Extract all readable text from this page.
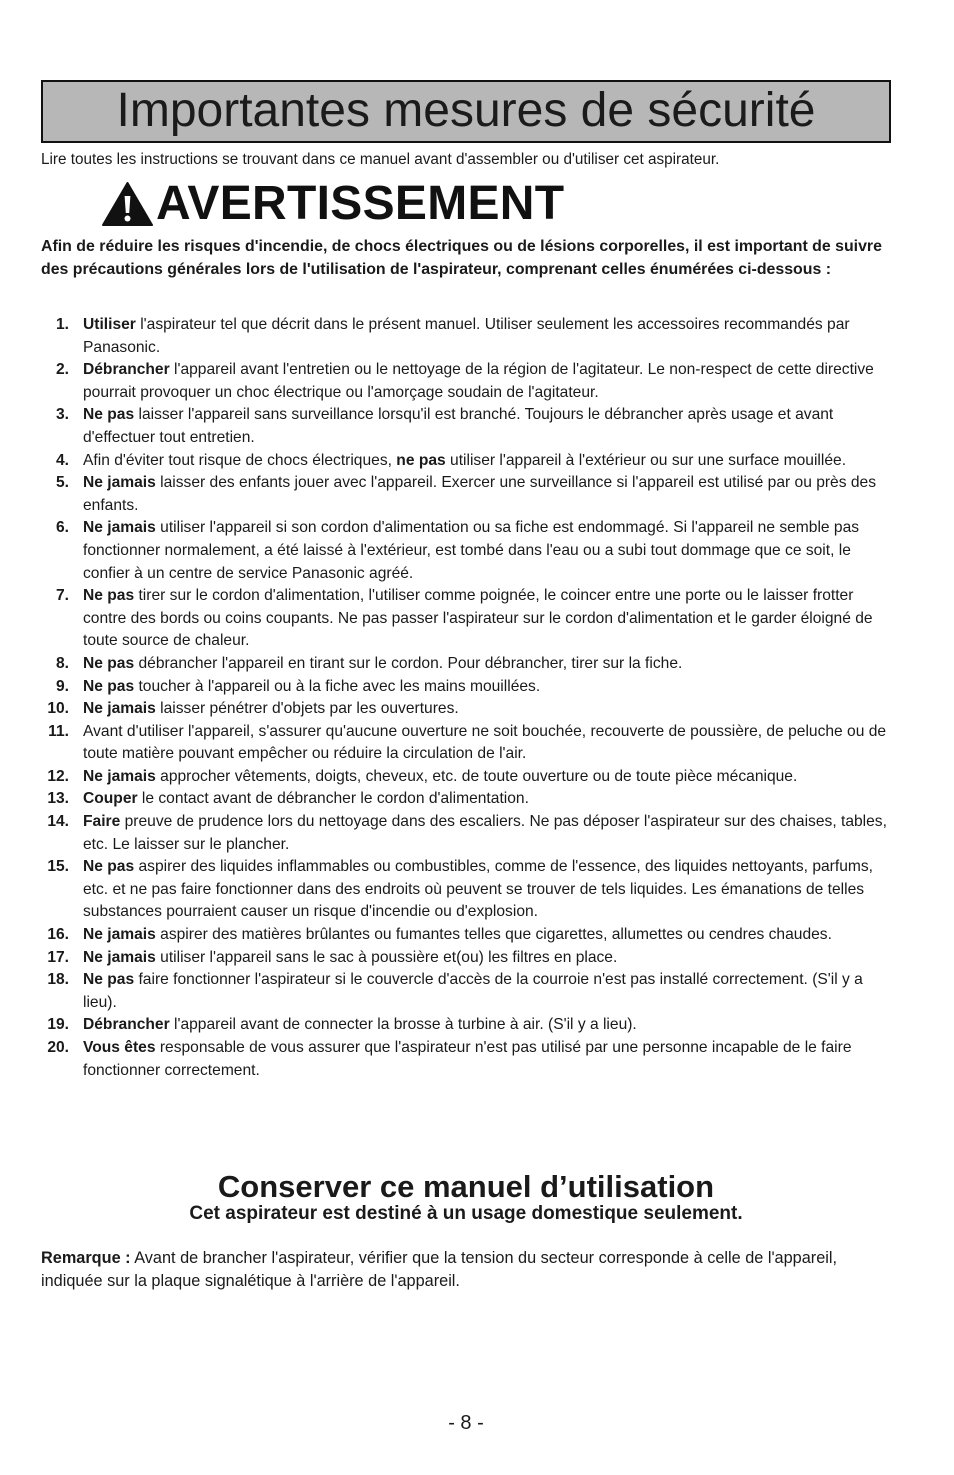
Importantes mesures de sécurité
Lire toutes les instructions se trouvant dans ce manuel avant d'assembler ou d'utiliser cet aspirateur.
AVERTISSEMENT
Afin de réduire les risques d'incendie, de chocs électriques ou de lésions corporelles, il est important de suivre des précautions générales lors de l'utilisation de l'aspirateur, comprenant celles énumérées ci-dessous :
1. Utiliser l'aspirateur tel que décrit dans le présent manuel. Utiliser seulement les accessoires recommandés par Panasonic.
2. Débrancher l'appareil avant l'entretien ou le nettoyage de la région de l'agitateur. Le non-respect de cette directive pourrait provoquer un choc électrique ou l'amorçage soudain de l'agitateur.
3. Ne pas laisser l'appareil sans surveillance lorsqu'il est branché. Toujours le débrancher après usage et avant d'effectuer tout entretien.
4. Afin d'éviter tout risque de chocs électriques, ne pas utiliser l'appareil à l'extérieur ou sur une surface mouillée.
5. Ne jamais laisser des enfants jouer avec l'appareil. Exercer une surveillance si l'appareil est utilisé par ou près des enfants.
6. Ne jamais utiliser l'appareil si son cordon d'alimentation ou sa fiche est endommagé. Si l'appareil ne semble pas fonctionner normalement, a été laissé à l'extérieur, est tombé dans l'eau ou a subi tout dommage que ce soit, le confier à un centre de service Panasonic agréé.
7. Ne pas tirer sur le cordon d'alimentation, l'utiliser comme poignée, le coincer entre une porte ou le laisser frotter contre des bords ou coins coupants. Ne pas passer l'aspirateur sur le cordon d'alimentation et le garder éloigné de toute source de chaleur.
8. Ne pas débrancher l'appareil en tirant sur le cordon. Pour débrancher, tirer sur la fiche.
9. Ne pas toucher à l'appareil ou à la fiche avec les mains mouillées.
10. Ne jamais laisser pénétrer d'objets par les ouvertures.
11. Avant d'utiliser l'appareil, s'assurer qu'aucune ouverture ne soit bouchée, recouverte de poussière, de peluche ou de toute matière pouvant empêcher ou réduire la circulation de l'air.
12. Ne jamais approcher vêtements, doigts, cheveux, etc. de toute ouverture ou de toute pièce mécanique.
13. Couper le contact avant de débrancher le cordon d'alimentation.
14. Faire preuve de prudence lors du nettoyage dans des escaliers. Ne pas déposer l'aspirateur sur des chaises, tables, etc. Le laisser sur le plancher.
15. Ne pas aspirer des liquides inflammables ou combustibles, comme de l'essence, des liquides nettoyants, parfums, etc. et ne pas faire fonctionner dans des endroits où peuvent se trouver de tels liquides. Les émanations de telles substances pourraient causer un risque d'incendie ou d'explosion.
16. Ne jamais aspirer des matières brûlantes ou fumantes telles que cigarettes, allumettes ou cendres chaudes.
17. Ne jamais utiliser l'appareil sans le sac à poussière et(ou) les filtres en place.
18. Ne pas faire fonctionner l'aspirateur si le couvercle d'accès de la courroie n'est pas installé correctement. (S'il y a lieu).
19. Débrancher l'appareil avant de connecter la brosse à turbine à air. (S'il y a lieu).
20. Vous êtes responsable de vous assurer que l'aspirateur n'est pas utilisé par une personne incapable de le faire fonctionner correctement.
Conserver ce manuel d’utilisation
Cet aspirateur est destiné à un usage domestique seulement.
Remarque : Avant de brancher l'aspirateur, vérifier que la tension du secteur corresponde à celle de l'appareil, indiquée sur la plaque signalétique à l'arrière de l'appareil.
- 8 -
